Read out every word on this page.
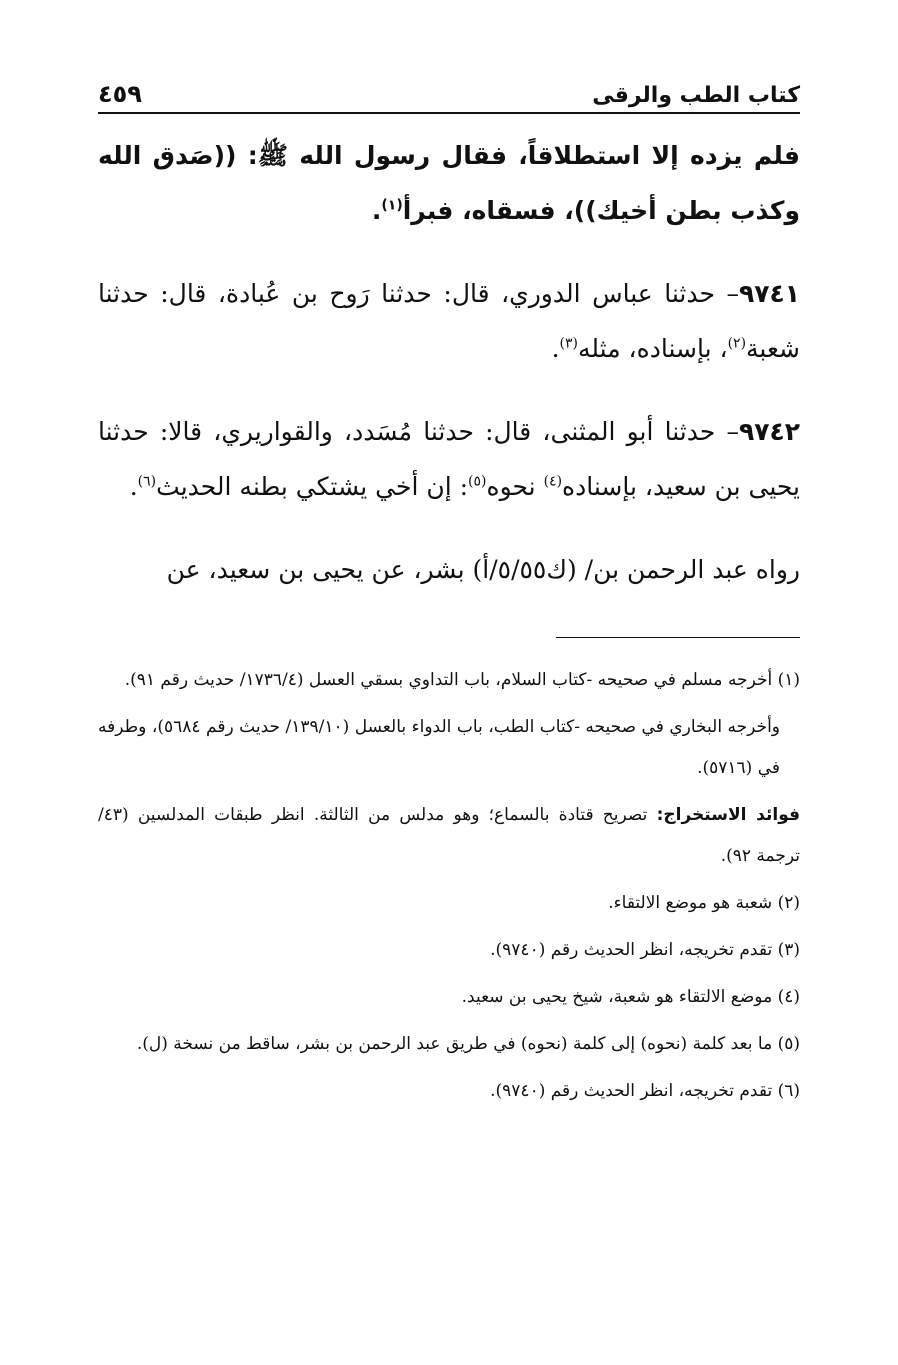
كتاب الطب والرقى
٤٥٩

فلم يزده إلا استطلاقاً، فقال رسول الله ﷺ: ((صَدق الله وكذب بطن أخيك))، فسقاه، فبرأ$^{(١)}$.

٩٧٤١– حدثنا عباس الدوري، قال: حدثنا رَوح بن عُبادة، قال: حدثنا شعبة$^{(٢)}$، بإسناده، مثله$^{(٣)}$.

٩٧٤٢– حدثنا أبو المثنى، قال: حدثنا مُسَدد، والقواريري، قالا: حدثنا يحيى بن سعيد، بإسناده$^{(٤)}$ نحوه$^{(٥)}$: إن أخي يشتكي بطنه الحديث$^{(٦)}$.

رواه عبد الرحمن بن/ (ك٥/٥٥/أ) بشر، عن يحيى بن سعيد، عن

(١) أخرجه مسلم في صحيحه -كتاب السلام، باب التداوي بسقي العسل (١٧٣٦/٤/ حديث رقم ٩١).

وأخرجه البخاري في صحيحه -كتاب الطب، باب الدواء بالعسل (١٣٩/١٠/ حديث رقم ٥٦٨٤)، وطرفه في (٥٧١٦).

فوائد الاستخراج: تصريح قتادة بالسماع؛ وهو مدلس من الثالثة. انظر طبقات المدلسين (٤٣/ ترجمة ٩٢).

(٢) شعبة هو موضع الالتقاء.

(٣) تقدم تخريجه، انظر الحديث رقم (٩٧٤٠).

(٤) موضع الالتقاء هو شعبة، شيخ يحيى بن سعيد.

(٥) ما بعد كلمة (نحوه) إلى كلمة (نحوه) في طريق عبد الرحمن بن بشر، ساقط من نسخة (ل).

(٦) تقدم تخريجه، انظر الحديث رقم (٩٧٤٠).
